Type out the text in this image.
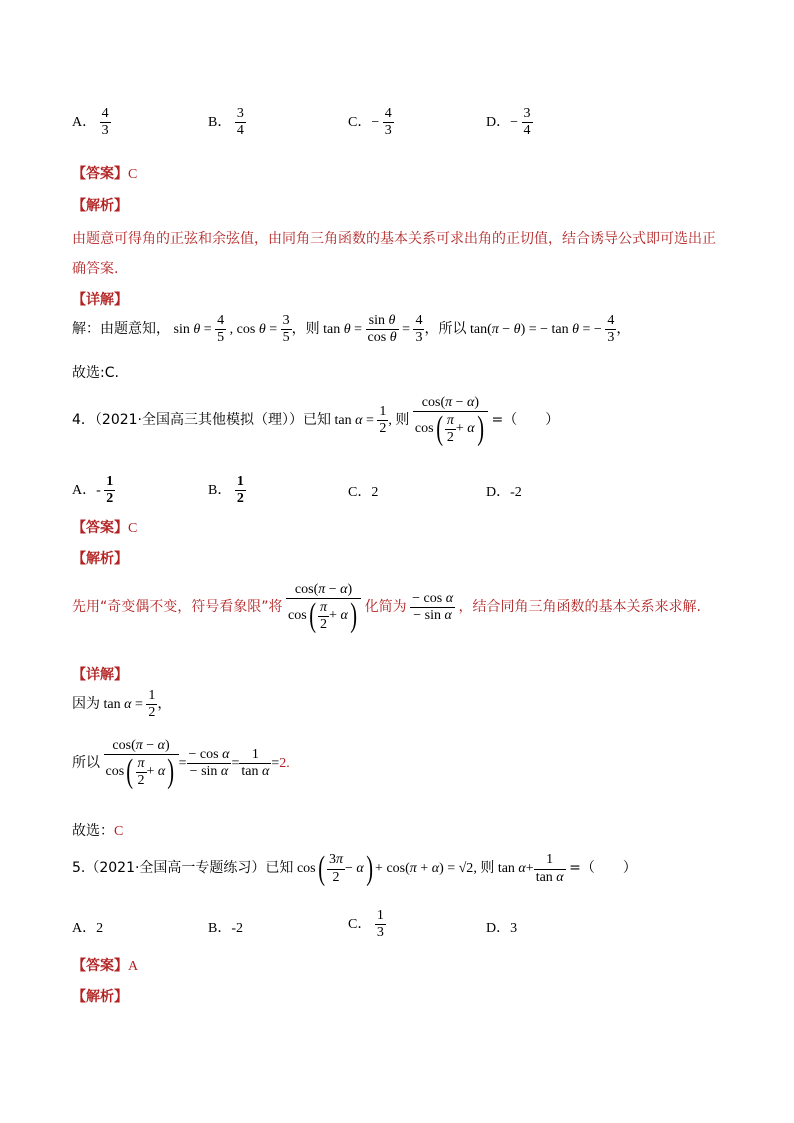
A． $\frac{4}{3}$	B． $\frac{3}{4}$	C．− $\frac{4}{3}$	D．− $\frac{3}{4}$
【答案】C
【解析】
由题意可得角的正弦和余弦值，由同角三角函数的基本关系可求出角的正切值，结合诱导公式即可选出正
确答案.
【详解】
解：由题意知， $\sin \theta = \frac{4}{5}$ , $\cos \theta = \frac{3}{5}$ ，则 $\tan \theta = \frac{\text{sin θ}}{\text{cos θ}} = \frac{4}{3}$ ，所以 tan(π − θ) = − tan θ = − $\frac{4}{3}$ ，
故选:C.
4．（2021·全国高三其他模拟（理））已知 $\tan \alpha = \frac{1}{2}$ , 则 $\frac{\cos(\pi - \alpha)}{\cos( \frac{\pi}{2} + \alpha)}$ =（　　）
A．- $\frac{1}{2}$	B． $\frac{1}{2}$	C．2	D．-2
【答案】C
【解析】
先用“奇变偶不变，符号看象限”将 $\frac{\cos(\pi - \alpha)}{\cos( \frac{\pi}{2} + \alpha)}$ 化简为 $\frac{\text{− cos α}}{\text{− sin α}}$ ，结合同角三角函数的基本关系来求解.
【详解】
因为 $\tan \alpha = \frac{1}{2}$ ，
所以 $\frac{\cos(\pi - \alpha)}{\cos( \frac{\pi}{2} + \alpha)} = \frac{\text{− cos α}}{\text{− sin α}} = \frac{1}{\text{tan α}} =2$.
故选：C
5.（2021·全国高一专题练习）已知 $\cos( \frac{3\pi}{2} - \alpha) + \cos(\pi + \alpha) = √2$, 则 $\tan \alpha+ \frac{1}{\text{tan α}}$ =（　　）
A．2	B．-2	C． $\frac{1}{3}$	D．3
【答案】A
【解析】
